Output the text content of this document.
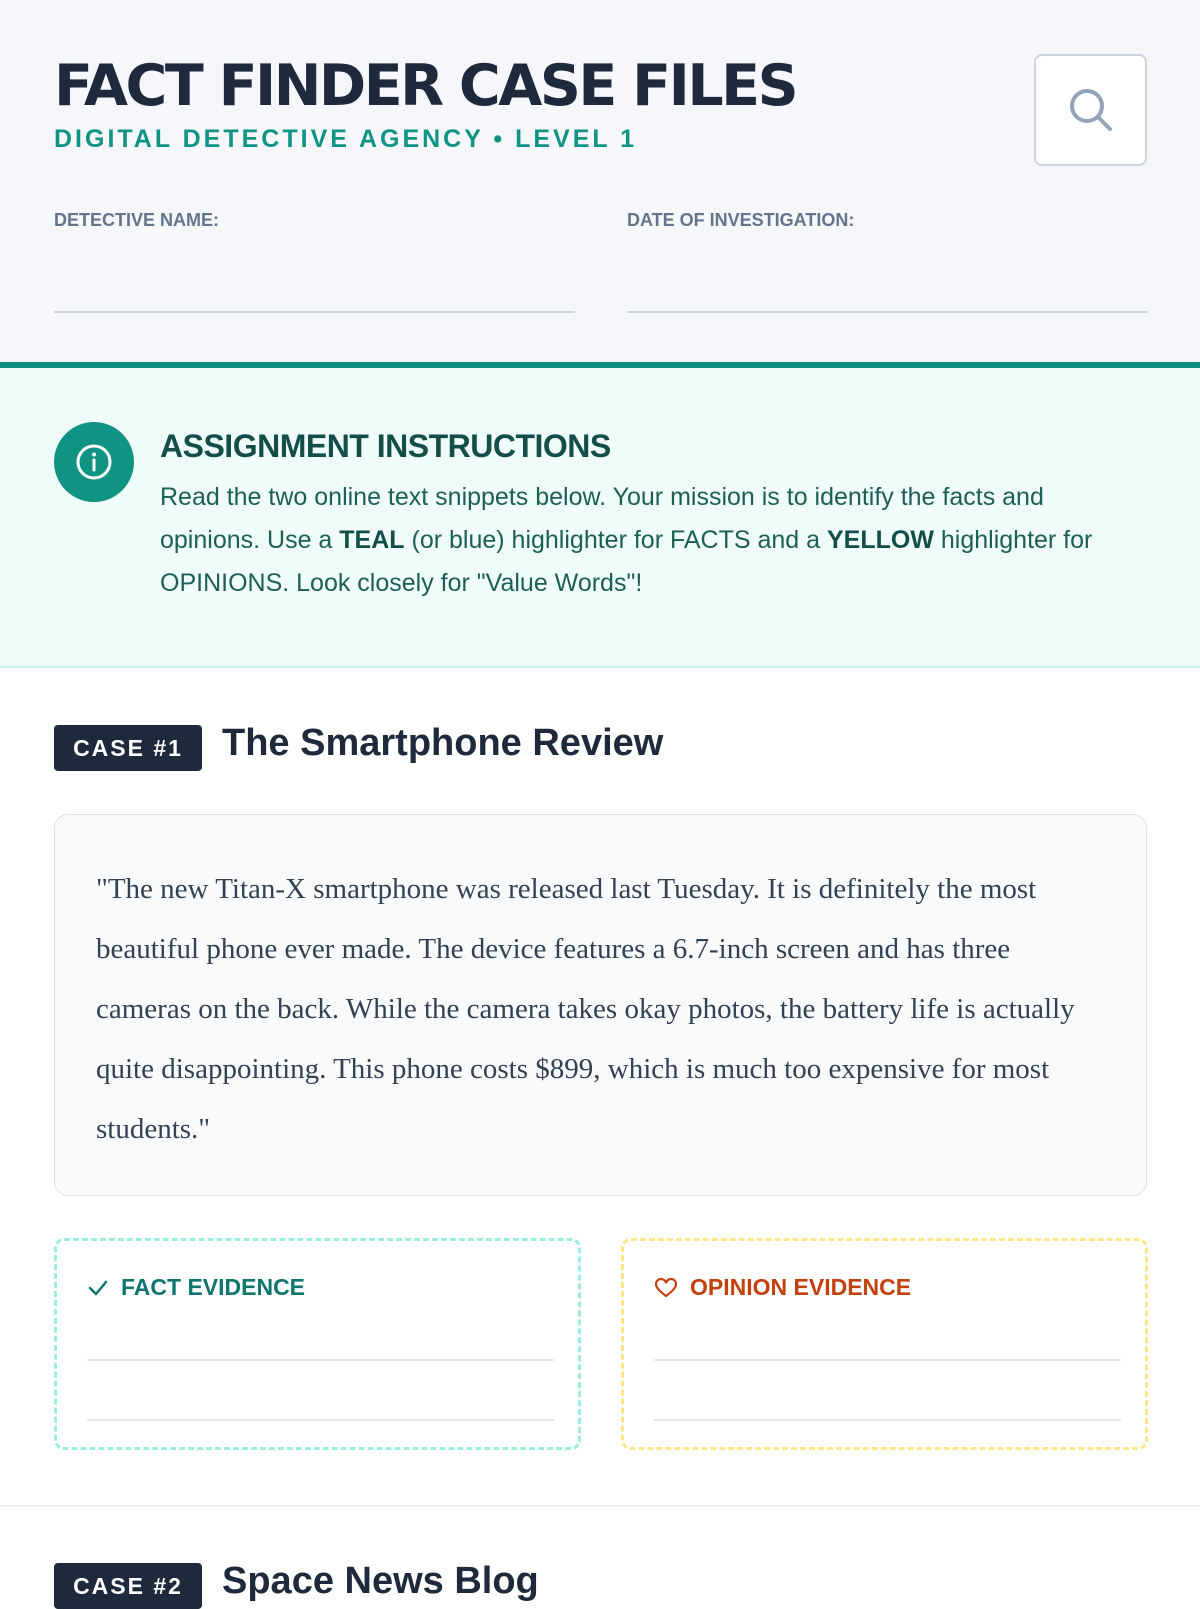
FACT FINDER CASE FILES
DIGITAL DETECTIVE AGENCY • LEVEL 1
DETECTIVE NAME:	DATE OF INVESTIGATION:
ASSIGNMENT INSTRUCTIONS
Read the two online text snippets below. Your mission is to identify the facts and opinions. Use a TEAL (or blue) highlighter for FACTS and a YELLOW highlighter for OPINIONS. Look closely for "Value Words"!
CASE #1	The Smartphone Review
"The new Titan-X smartphone was released last Tuesday. It is definitely the most beautiful phone ever made. The device features a 6.7-inch screen and has three cameras on the back. While the camera takes okay photos, the battery life is actually quite disappointing. This phone costs $899, which is much too expensive for most students."
FACT EVIDENCE	OPINION EVIDENCE
CASE #2	Space News Blog
